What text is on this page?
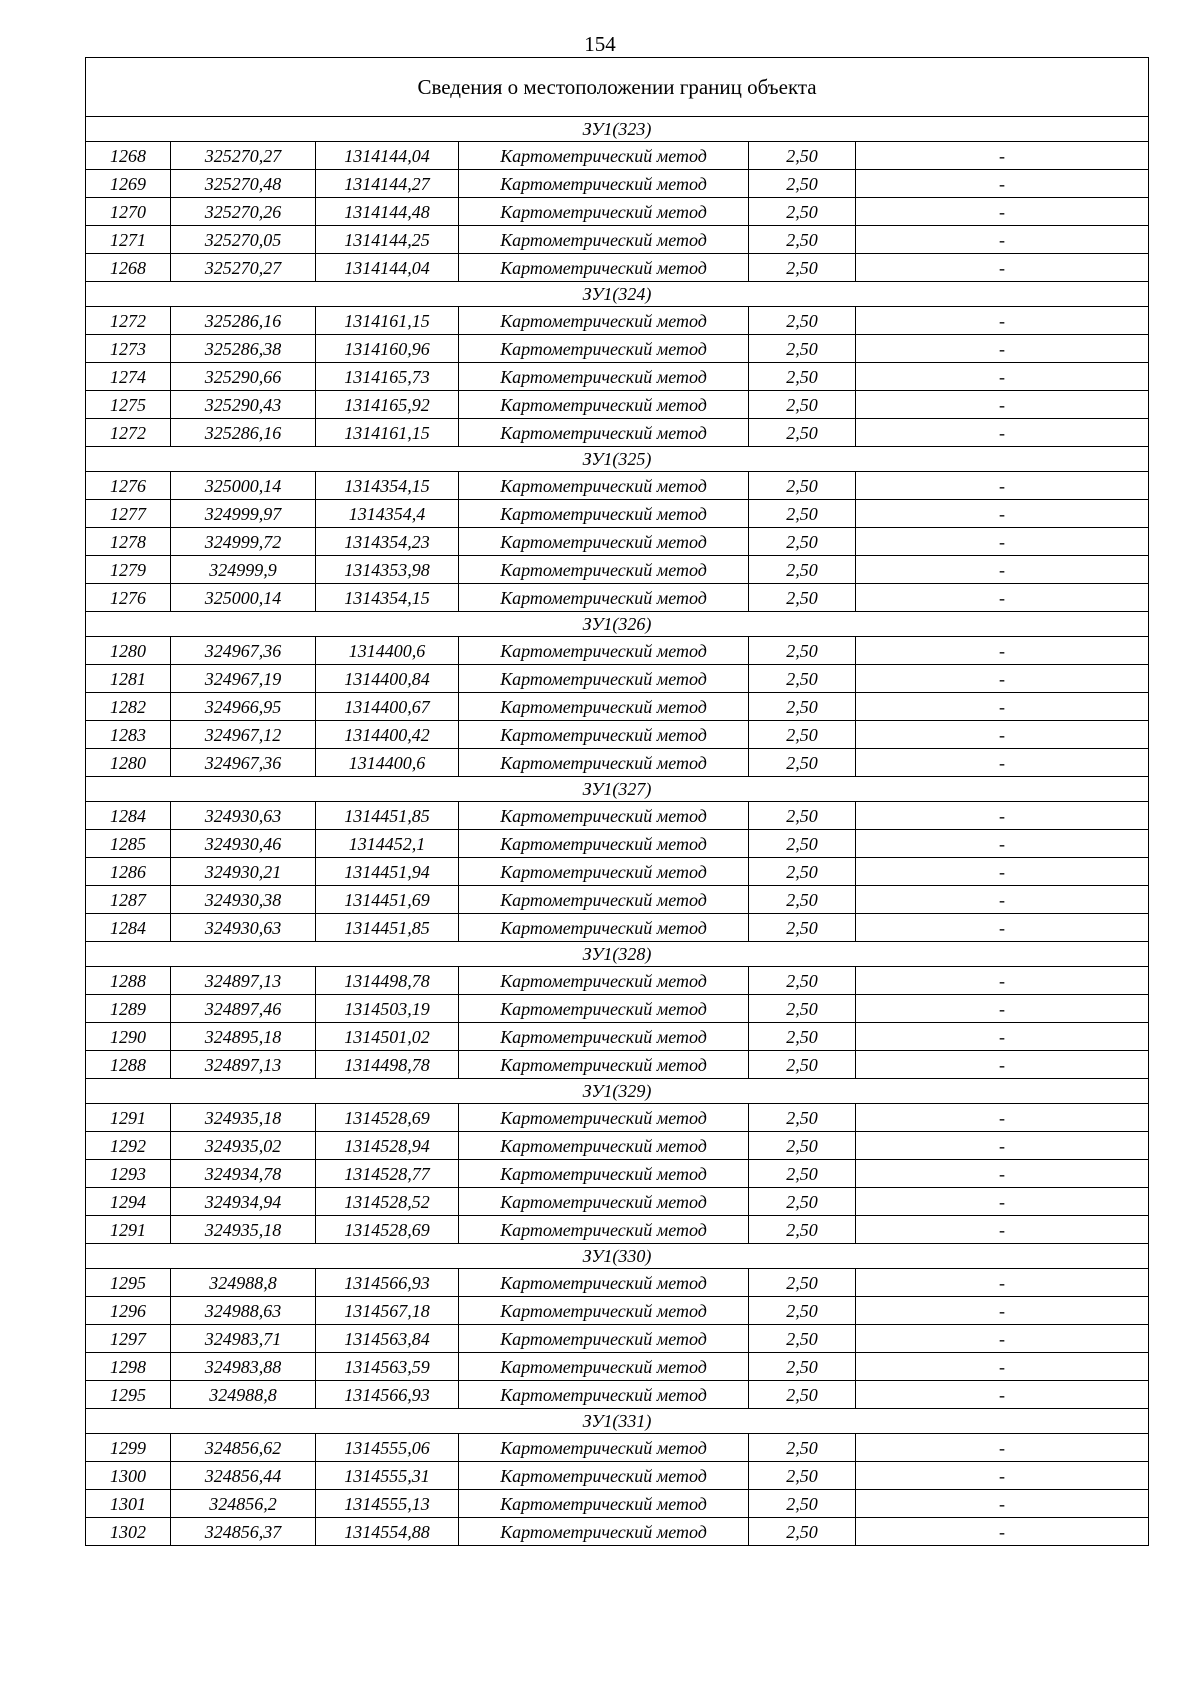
154
Сведения о местоположении границ объекта					
ЗУ1(323)					
1268	325270,27	1314144,04	Картометрический метод	2,50	-
1269	325270,48	1314144,27	Картометрический метод	2,50	-
1270	325270,26	1314144,48	Картометрический метод	2,50	-
1271	325270,05	1314144,25	Картометрический метод	2,50	-
1268	325270,27	1314144,04	Картометрический метод	2,50	-
ЗУ1(324)					
1272	325286,16	1314161,15	Картометрический метод	2,50	-
1273	325286,38	1314160,96	Картометрический метод	2,50	-
1274	325290,66	1314165,73	Картометрический метод	2,50	-
1275	325290,43	1314165,92	Картометрический метод	2,50	-
1272	325286,16	1314161,15	Картометрический метод	2,50	-
ЗУ1(325)					
1276	325000,14	1314354,15	Картометрический метод	2,50	-
1277	324999,97	1314354,4	Картометрический метод	2,50	-
1278	324999,72	1314354,23	Картометрический метод	2,50	-
1279	324999,9	1314353,98	Картометрический метод	2,50	-
1276	325000,14	1314354,15	Картометрический метод	2,50	-
ЗУ1(326)					
1280	324967,36	1314400,6	Картометрический метод	2,50	-
1281	324967,19	1314400,84	Картометрический метод	2,50	-
1282	324966,95	1314400,67	Картометрический метод	2,50	-
1283	324967,12	1314400,42	Картометрический метод	2,50	-
1280	324967,36	1314400,6	Картометрический метод	2,50	-
ЗУ1(327)					
1284	324930,63	1314451,85	Картометрический метод	2,50	-
1285	324930,46	1314452,1	Картометрический метод	2,50	-
1286	324930,21	1314451,94	Картометрический метод	2,50	-
1287	324930,38	1314451,69	Картометрический метод	2,50	-
1284	324930,63	1314451,85	Картометрический метод	2,50	-
ЗУ1(328)					
1288	324897,13	1314498,78	Картометрический метод	2,50	-
1289	324897,46	1314503,19	Картометрический метод	2,50	-
1290	324895,18	1314501,02	Картометрический метод	2,50	-
1288	324897,13	1314498,78	Картометрический метод	2,50	-
ЗУ1(329)					
1291	324935,18	1314528,69	Картометрический метод	2,50	-
1292	324935,02	1314528,94	Картометрический метод	2,50	-
1293	324934,78	1314528,77	Картометрический метод	2,50	-
1294	324934,94	1314528,52	Картометрический метод	2,50	-
1291	324935,18	1314528,69	Картометрический метод	2,50	-
ЗУ1(330)					
1295	324988,8	1314566,93	Картометрический метод	2,50	-
1296	324988,63	1314567,18	Картометрический метод	2,50	-
1297	324983,71	1314563,84	Картометрический метод	2,50	-
1298	324983,88	1314563,59	Картометрический метод	2,50	-
1295	324988,8	1314566,93	Картометрический метод	2,50	-
ЗУ1(331)					
1299	324856,62	1314555,06	Картометрический метод	2,50	-
1300	324856,44	1314555,31	Картометрический метод	2,50	-
1301	324856,2	1314555,13	Картометрический метод	2,50	-
1302	324856,37	1314554,88	Картометрический метод	2,50	-
